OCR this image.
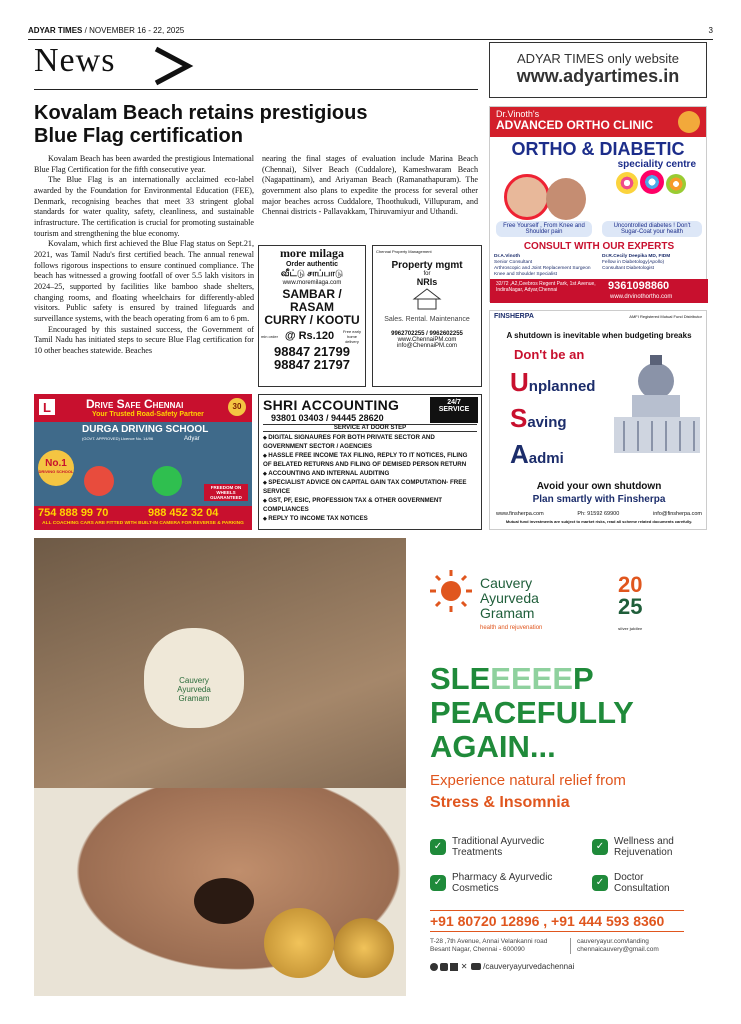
ADYAR TIMES / NOVEMBER 16 - 22, 2025	3
News
Kovalam Beach retains prestigious
Blue Flag certification

Kovalam Beach has been awarded the prestigious International Blue Flag Certification for the fifth consecutive year.

The Blue Flag is an internationally acclaimed eco-label awarded by the Foundation for Environmental Education (FEE), Denmark, recognising beaches that meet 33 stringent global standards for water quality, safety, cleanliness, and sustainable infrastructure. The certification is crucial for promoting sustainable tourism and strengthening the blue economy.

Kovalam, which first achieved the Blue Flag status on Sept.21, 2021, was Tamil Nadu's first certified beach. The annual renewal follows rigorous inspections to ensure continued compliance. The beach has witnessed a growing footfall of over 5.5 lakh visitors in 2024–25, supported by facilities like bamboo shade shelters, changing rooms, and floating wheelchairs for differently-abled visitors. Public safety is ensured by trained lifeguards and surveillance systems, with the beach operating from 6 am to 6 pm.

Encouraged by this sustained success, the Government of Tamil Nadu has initiated steps to secure Blue Flag certification for 10 other beaches statewide. Beaches

nearing the final stages of evaluation include Marina Beach (Chennai), Silver Beach (Cuddalore), Kameshwaram Beach (Nagapattinam), and Ariyaman Beach (Ramanathapuram). The government also plans to expedite the process for several other major beaches across Cuddalore, Thoothukudi, Villupuram, and Chennai districts - Pallavakkam, Thiruvamiyur and Uthandi.

ADYAR TIMES only website
www.adyartimes.in
Dr.Vinoth's
ADVANCED ORTHO CLINIC
ORTHO & DIABETIC
speciality centre
Free Yourself , From Knee and Shoulder pain
Uncontrolled diabetes ! Don't Sugar-Coat your health
CONSULT WITH OUR EXPERTS
Dr.A.Vinoth
Senior Consultant
Arthroscopic and Joint Replacement Surgeon
Knee and Shoulder Specialist
Dr.R.Cecily Deepika MD, FIDM
Fellow in Diabetology(Apollo)
Consultant Diabetologist
32/72 ,A2,Ceebros Regent Park, 1st Avenue, IndiraNagar, Adyar,Chennai	9361098860
www.drvinothortho.com
more milaga
Order authentic
வீட்டு சாப்பாடு
www.moremilaga.com
SAMBAR / RASAM
CURRY / KOOTU
min order @ Rs.120	Free early home delivery
98847 21799
98847 21797
Chennai Property Management
Property mgmt
for
NRIs
Sales. Rental. Maintenance
9962702255 / 9962602255
www.ChennaiPM.com
info@ChennaiPM.com
FINSHERPA	AMFI Registered Mutual Fund Distributor
A shutdown is inevitable when budgeting breaks
Don't be an
Unplanned
Saving
Aadmi
Avoid your own shutdown
Plan smartly with Finsherpa
www.finsherpa.com	Ph: 91592 69900	info@finsherpa.com
Mutual fund investments are subject to market risks, read all scheme related documents carefully.
L	Drive Safe Chennai
Your Trusted Road-Safety Partner
30
DURGA DRIVING SCHOOL
(GOVT. APPROVED) Licence No. 14/96	Adyar
No.1
DRIVING SCHOOL
FREEDOM ON WHEELS GUARANTEED
754 888 99 70	988 452 32 04
ALL COACHING CARS ARE FITTED WITH BUILT-IN CAMERA FOR REVERSE & PARKING
SHRI ACCOUNTING	24/7
SERVICE
93801 03403 / 94445 28620
SERVICE AT DOOR STEP
◆ DIGITAL SIGNAURES FOR BOTH PRIVATE SECTOR AND GOVERNMENT SECTOR / AGENCIES
◆ HASSLE FREE INCOME TAX FILING, REPLY TO IT NOTICES, FILING OF BELATED RETURNS AND FILING OF DEMISED PERSON RETURN
◆ ACCOUNTING AND INTERNAL AUDITING
◆ SPECIALIST ADVICE ON CAPITAL GAIN TAX COMPUTATION- FREE SERVICE
◆ GST, PF, ESIC, PROFESSION TAX & OTHER GOVERNMENT COMPLIANCES
◆ REPLY TO INCOME TAX NOTICES
Cauvery
Ayurveda
Gramam
Cauvery
Ayurveda
Gramam
health and rejuvenation
20
25
silver jubilee
SLEEEEEP
PEACEFULLY
AGAIN...
Experience natural relief from
Stress & Insomnia
✓ Traditional Ayurvedic Treatments
✓ Wellness and Rejuvenation
✓ Pharmacy & Ayurvedic Cosmetics
✓ Doctor Consultation
+91 80720 12896 , +91 444 593 8360
T-28 ,7th Avenue, Annai Velankanni road Besant Nagar, Chennai - 600090
cauveryayur.com/landing
chennaicauvery@gmail.com
✕ /cauveryayurvedachennai
